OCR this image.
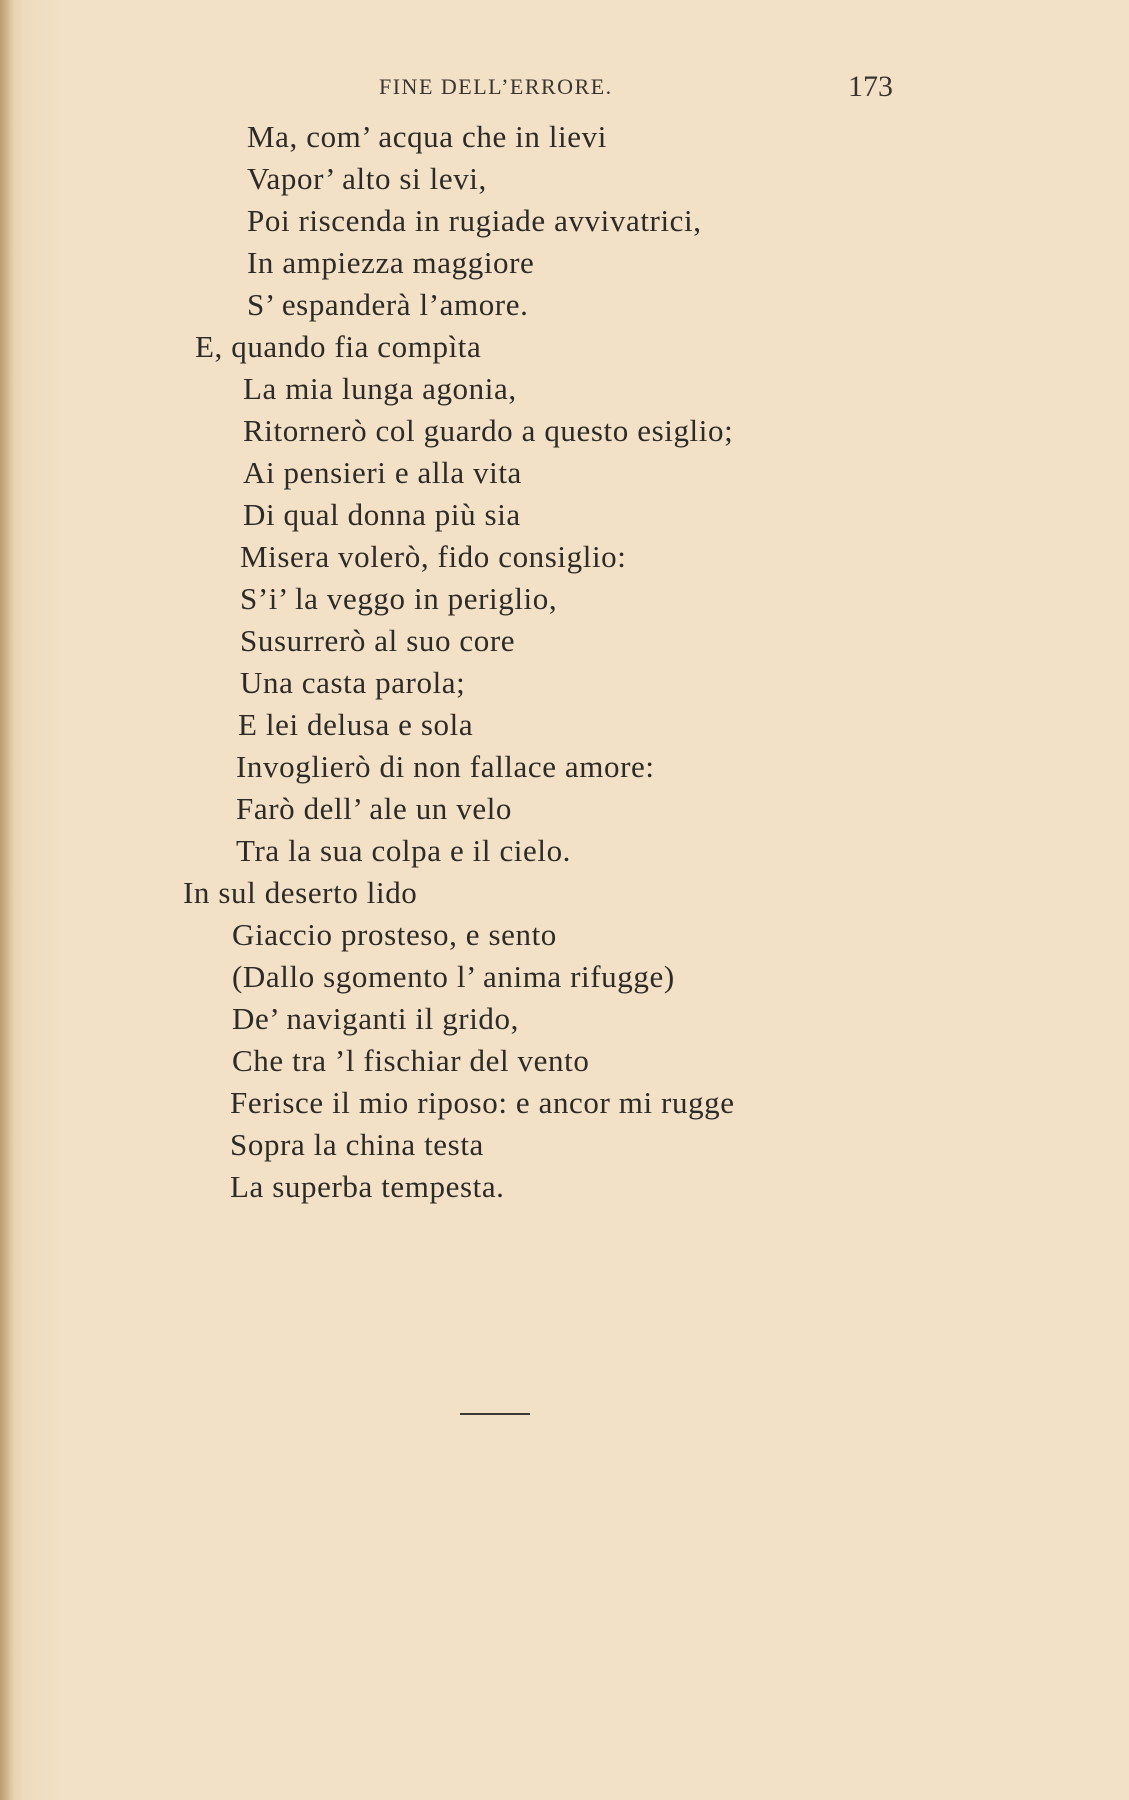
FINE DELL’ERRORE.	173
Ma, com’ acqua che in lievi
Vapor’ alto si levi,
Poi riscenda in rugiade avvivatrici,
In ampiezza maggiore
S’ espanderà l’amore.
E, quando fia compìta
La mia lunga agonia,
Ritornerò col guardo a questo esiglio;
Ai pensieri e alla vita
Di qual donna più sia
Misera volerò, fido consiglio:
S’i’ la veggo in periglio,
Susurrerò al suo core
Una casta parola;
E lei delusa e sola
Invoglierò di non fallace amore:
Farò dell’ ale un velo
Tra la sua colpa e il cielo.
In sul deserto lido
Giaccio prosteso, e sento
(Dallo sgomento l’ anima rifugge)
De’ naviganti il grido,
Che tra ’l fischiar del vento
Ferisce il mio riposo: e ancor mi rugge
Sopra la china testa
La superba tempesta.
